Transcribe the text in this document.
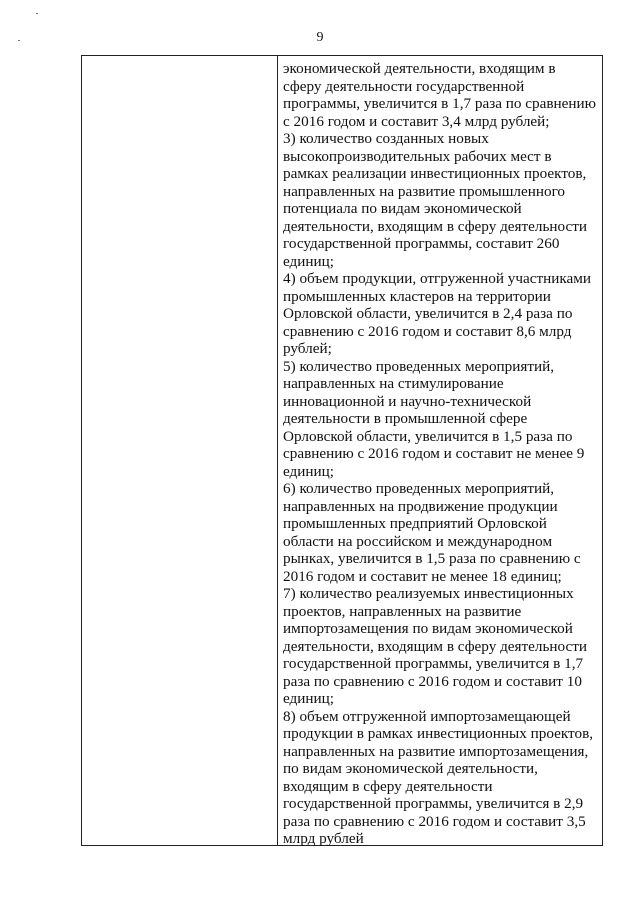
9
экономической деятельности, входящим в
сферу деятельности государственной
программы, увеличится в 1,7 раза по сравнению
с 2016 годом и составит 3,4 млрд рублей;
3) количество созданных новых
высокопроизводительных рабочих мест в
рамках реализации инвестиционных проектов,
направленных на развитие промышленного
потенциала по видам экономической
деятельности, входящим в сферу деятельности
государственной программы, составит 260
единиц;
4) объем продукции, отгруженной участниками
промышленных кластеров на территории
Орловской области, увеличится в 2,4 раза по
сравнению с 2016 годом и составит 8,6 млрд
рублей;
5) количество проведенных мероприятий,
направленных на стимулирование
инновационной и научно-технической
деятельности в промышленной сфере
Орловской области, увеличится в 1,5 раза по
сравнению с 2016 годом и составит не менее 9
единиц;
6) количество проведенных мероприятий,
направленных на продвижение продукции
промышленных предприятий Орловской
области на российском и международном
рынках, увеличится в 1,5 раза по сравнению с
2016 годом и составит не менее 18 единиц;
7) количество реализуемых инвестиционных
проектов, направленных на развитие
импортозамещения по видам экономической
деятельности, входящим в сферу деятельности
государственной программы, увеличится в 1,7
раза по сравнению с 2016 годом и составит 10
единиц;
8) объем отгруженной импортозамещающей
продукции в рамках инвестиционных проектов,
направленных на развитие импортозамещения,
по видам экономической деятельности,
входящим в сферу деятельности
государственной программы, увеличится в 2,9
раза по сравнению с 2016 годом и составит 3,5
млрд рублей
